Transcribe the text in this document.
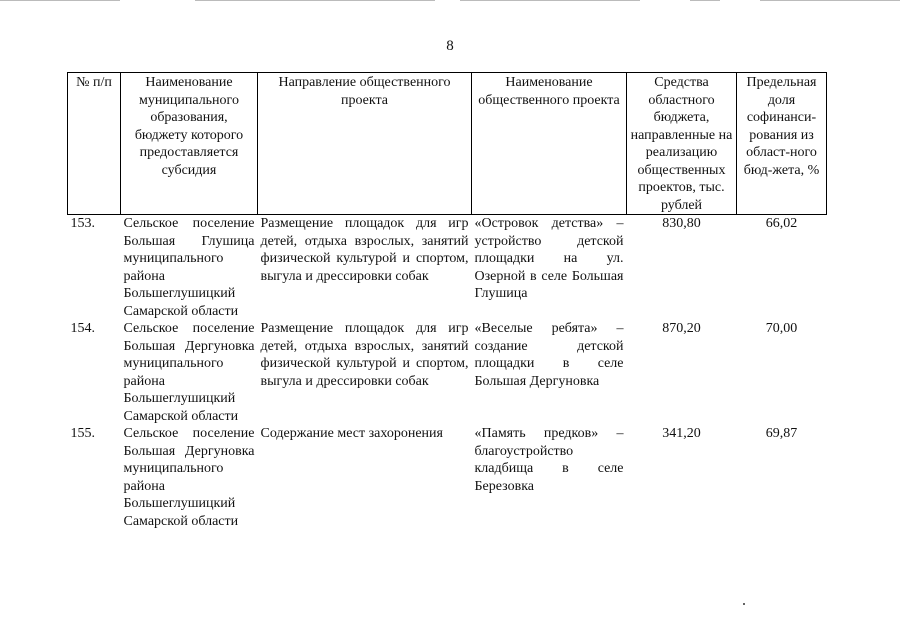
8
№ п/п	Наименование муниципального образования, бюджету которого предоставляется субсидия	Направление общественного проекта	Наименование общественного проекта	Средства областного бюджета, направленные на реализацию общественных проектов, тыс. рублей	Предельная доля софинанси-рования из област-ного бюд-жета, %
153.	Сельское поселение Большая Глушица муниципального района Большеглушицкий Самарской области	Размещение площадок для игр детей, отдыха взрослых, занятий физической культурой и спортом, выгула и дрессировки собак	«Островок детства» – устройство детской площадки на ул. Озерной в селе Большая Глушица	830,80	66,02
154.	Сельское поселение Большая Дергуновка муниципального района Большеглушицкий Самарской области	Размещение площадок для игр детей, отдыха взрослых, занятий физической культурой и спортом, выгула и дрессировки собак	«Веселые ребята» – создание детской площадки в селе Большая Дергуновка	870,20	70,00
155.	Сельское поселение Большая Дергуновка муниципального района Большеглушицкий Самарской области	Содержание мест захоронения	«Память предков» – благоустройство кладбища в селе Березовка	341,20	69,87
